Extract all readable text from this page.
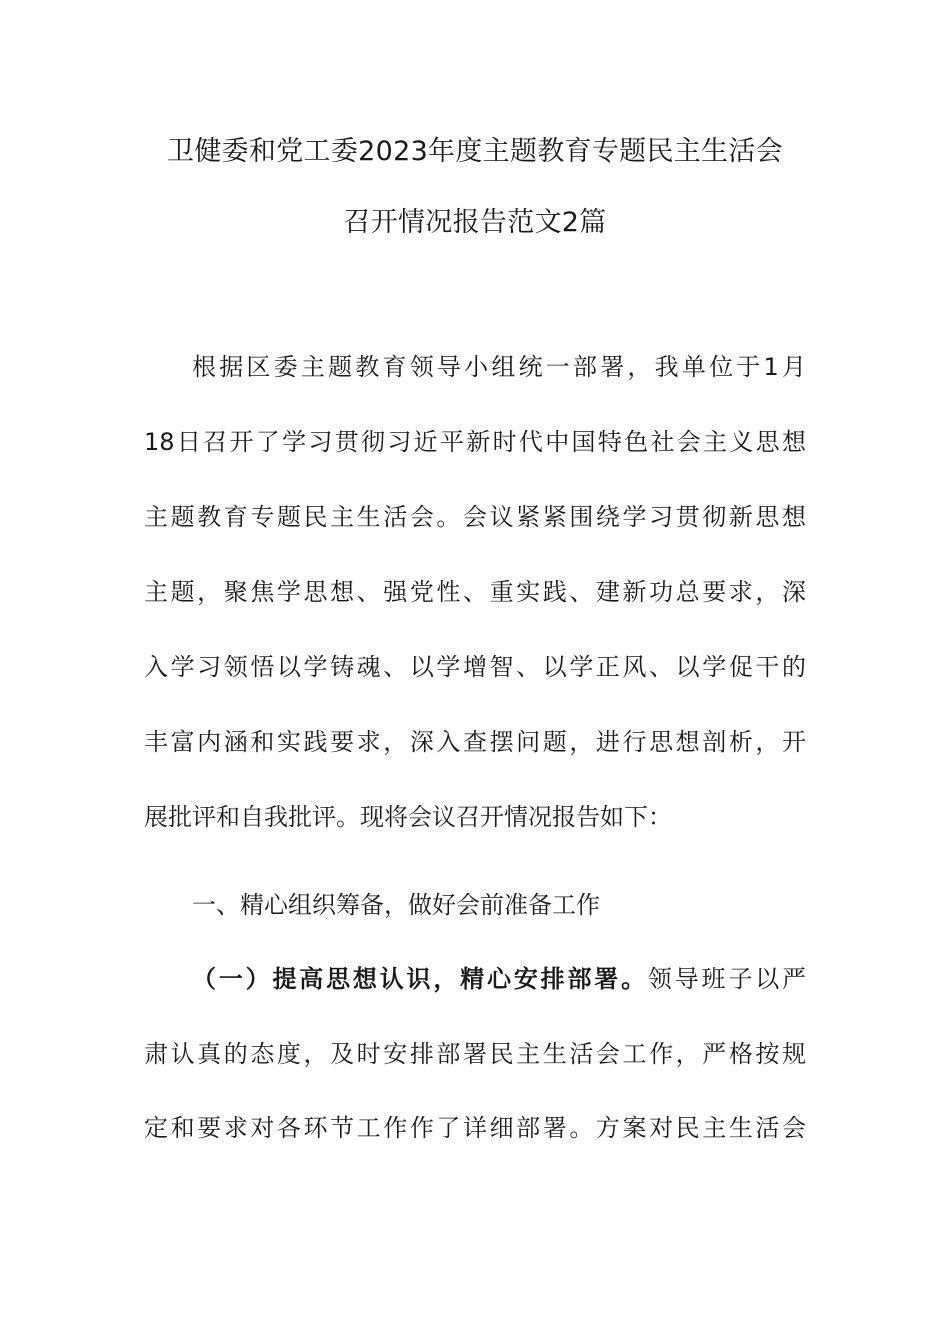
卫健委和党工委2023年度主题教育专题民主生活会
召开情况报告范文2篇
根据区委主题教育领导小组统一部署，我单位于1月
18日召开了学习贯彻习近平新时代中国特色社会主义思想
主题教育专题民主生活会。会议紧紧围绕学习贯彻新思想
主题，聚焦学思想、强党性、重实践、建新功总要求，深
入学习领悟以学铸魂、以学增智、以学正风、以学促干的
丰富内涵和实践要求，深入查摆问题，进行思想剖析，开
展批评和自我批评。现将会议召开情况报告如下：
一、精心组织筹备，做好会前准备工作
（一）提高思想认识，精心安排部署。领导班子以严
肃认真的态度，及时安排部署民主生活会工作，严格按规
定和要求对各环节工作作了详细部署。方案对民主生活会
